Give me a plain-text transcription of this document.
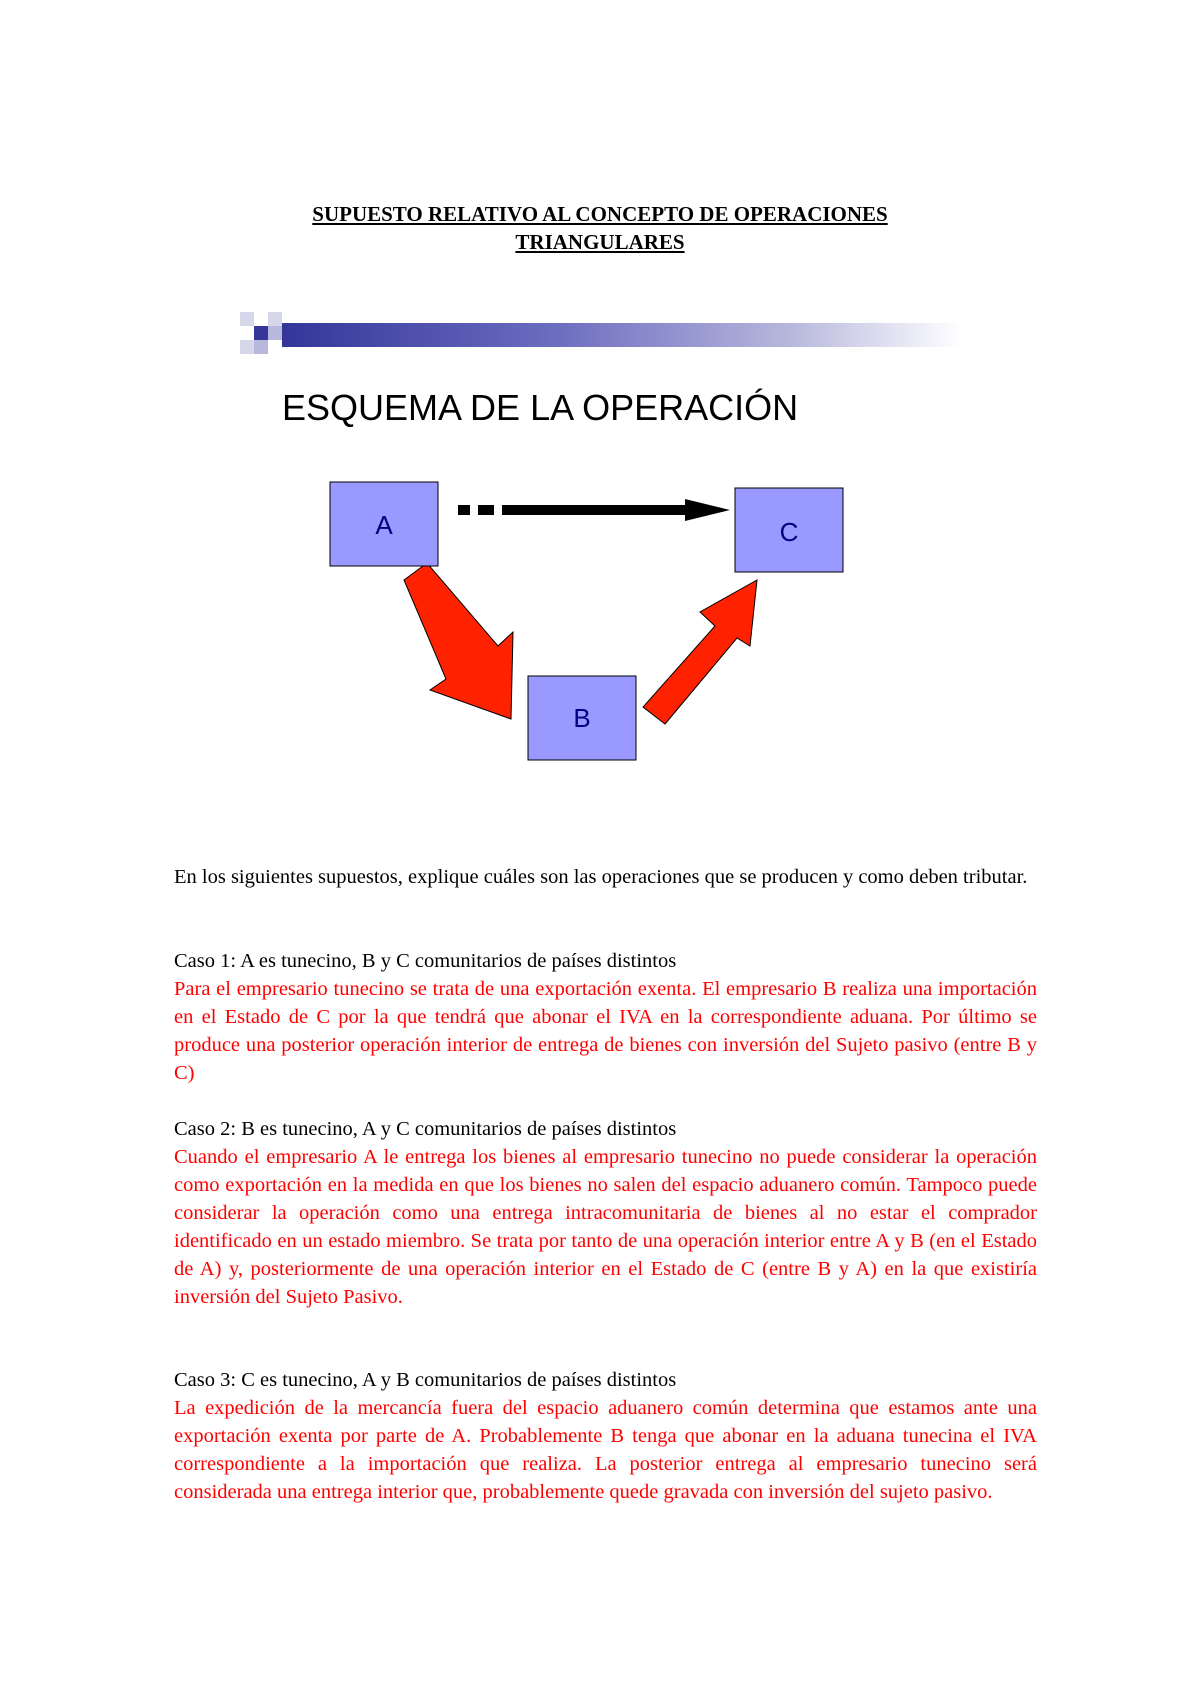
SUPUESTO RELATIVO AL CONCEPTO DE OPERACIONES
TRIANGULARES
ESQUEMA DE LA OPERACIÓN
A	C
B

En los siguientes supuestos, explique cuáles son las operaciones que se producen y como deben tributar.

Caso 1: A es tunecino, B y C comunitarios de países distintos

Para el empresario tunecino se trata de una exportación exenta. El empresario B realiza una importación en el Estado de C por la que tendrá que abonar el IVA en la correspondiente aduana. Por último se produce una posterior operación interior de entrega de bienes con inversión del Sujeto pasivo (entre B y C)

Caso 2: B es tunecino, A y C comunitarios de países distintos

Cuando el empresario A le entrega los bienes al empresario tunecino no puede considerar la operación como exportación en la medida en que los bienes no salen del espacio aduanero común. Tampoco puede considerar la operación como una entrega intracomunitaria de bienes al no estar el comprador identificado en un estado miembro. Se trata por tanto de una operación interior entre A y B (en el Estado de A) y, posteriormente de una operación interior en el Estado de C (entre B y A) en la que existiría inversión del Sujeto Pasivo.

Caso 3: C es tunecino, A y B comunitarios de países distintos

La expedición de la mercancía fuera del espacio aduanero común determina que estamos ante una exportación exenta por parte de A. Probablemente B tenga que abonar en la aduana tunecina el IVA correspondiente a la importación que realiza. La posterior entrega al empresario tunecino será considerada una entrega interior que, probablemente quede gravada con inversión del sujeto pasivo.
